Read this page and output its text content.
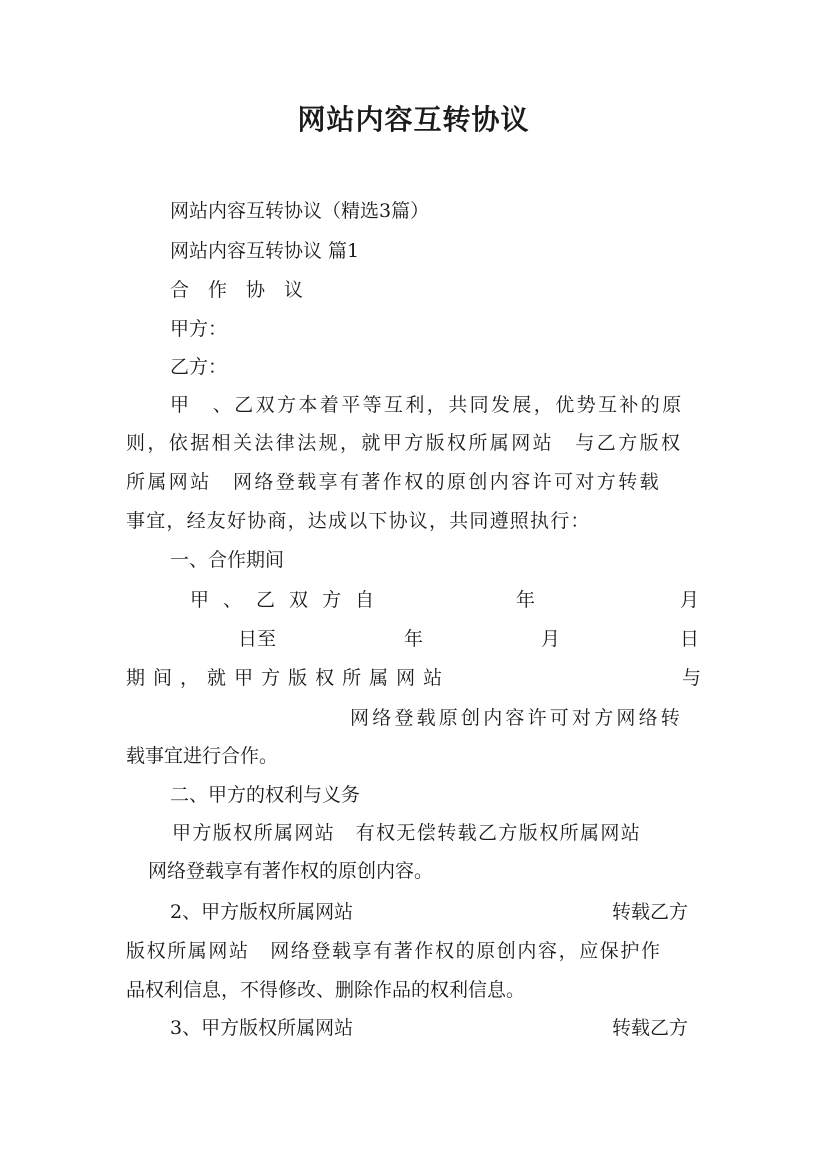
网站内容互转协议
网站内容互转协议（精选3篇）
网站内容互转协议 篇1
合　作　协　议
甲方：
乙方：
甲　、乙双方本着平等互利，共同发展，优势互补的原
则，依据相关法律法规，就甲方版权所属网站　与乙方版权
所属网站　网络登载享有著作权的原创内容许可对方转载
事宜，经友好协商，达成以下协议，共同遵照执行：
一、合作期间
甲、乙双方自	年	月
日至	年	月	日
期间，就甲方版权所属网站	与
网络登载原创内容许可对方网络转
载事宜进行合作。
二、甲方的权利与义务
甲方版权所属网站　有权无偿转载乙方版权所属网站
网络登载享有著作权的原创内容。
2、甲方版权所属网站	转载乙方
版权所属网站　网络登载享有著作权的原创内容，应保护作
品权利信息，不得修改、删除作品的权利信息。
3、甲方版权所属网站	转载乙方
